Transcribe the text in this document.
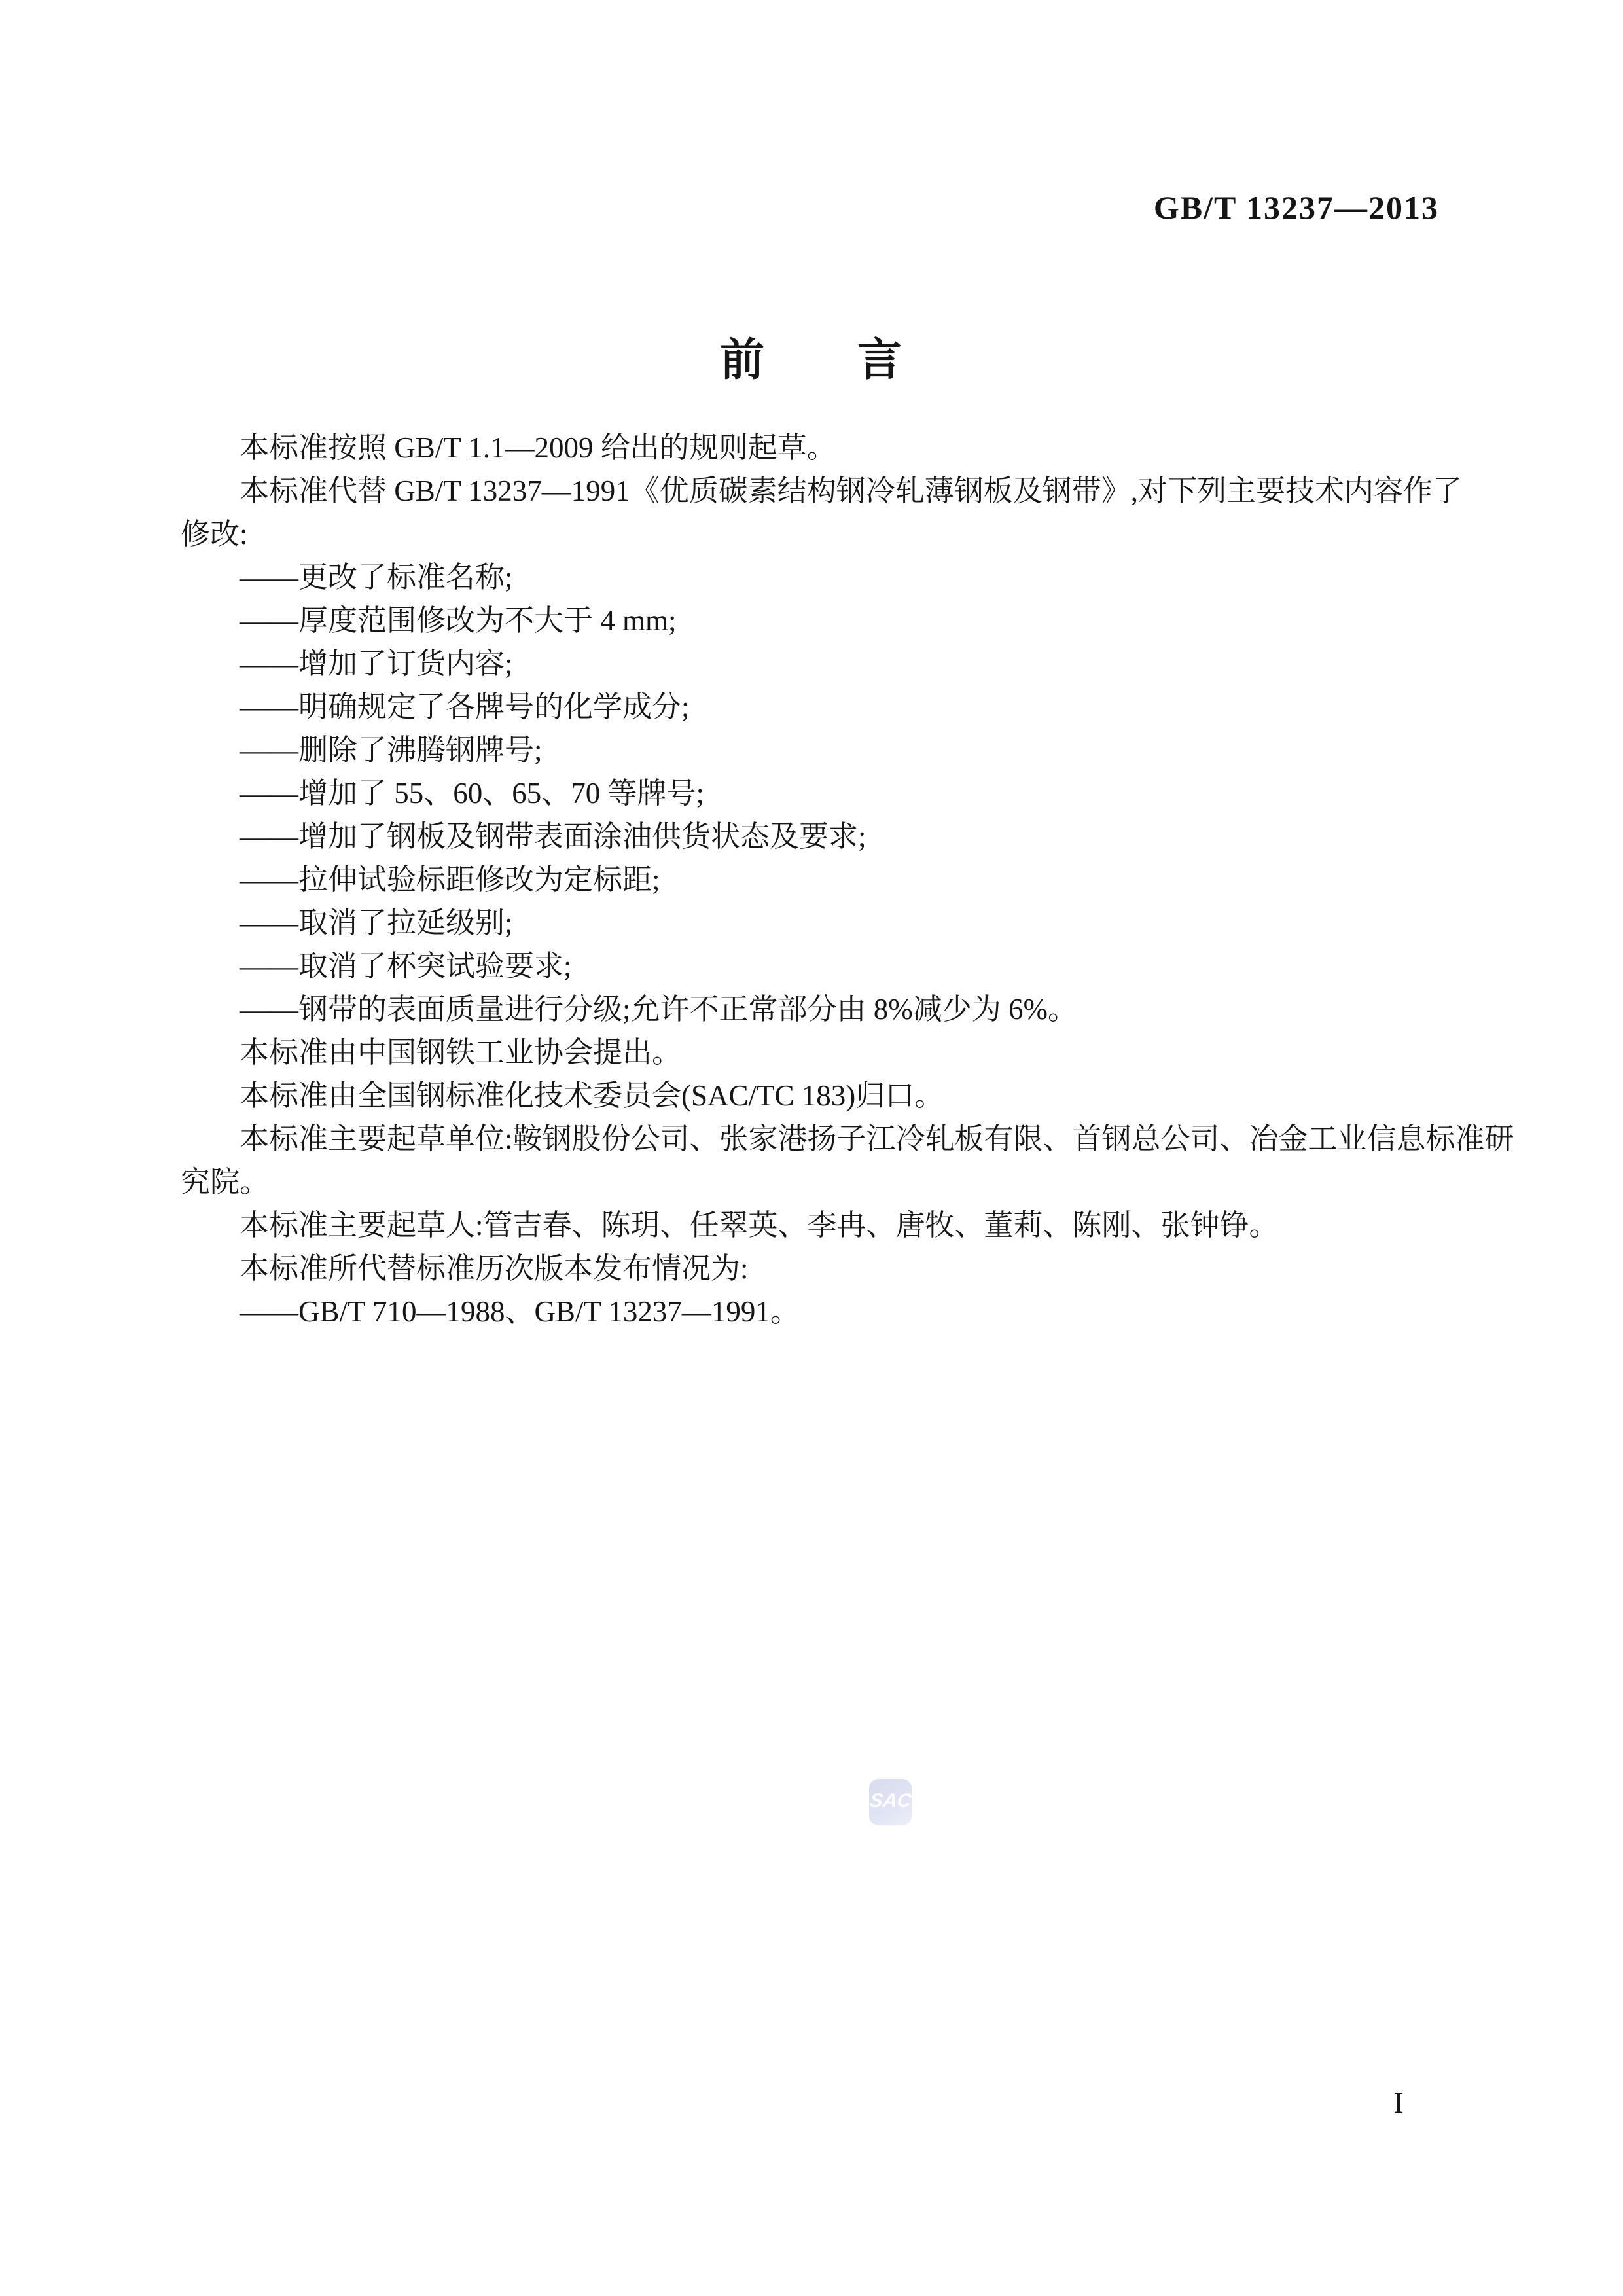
GB/T 13237—2013
前　　言
本标准按照 GB/T 1.1—2009 给出的规则起草。
本标准代替 GB/T 13237—1991《优质碳素结构钢冷轧薄钢板及钢带》,对下列主要技术内容作了
修改:
——更改了标准名称;
——厚度范围修改为不大于 4 mm;
——增加了订货内容;
——明确规定了各牌号的化学成分;
——删除了沸腾钢牌号;
——增加了 55、60、65、70 等牌号;
——增加了钢板及钢带表面涂油供货状态及要求;
——拉伸试验标距修改为定标距;
——取消了拉延级别;
——取消了杯突试验要求;
——钢带的表面质量进行分级;允许不正常部分由 8%减少为 6%。
本标准由中国钢铁工业协会提出。
本标准由全国钢标准化技术委员会(SAC/TC 183)归口。
本标准主要起草单位:鞍钢股份公司、张家港扬子江冷轧板有限、首钢总公司、冶金工业信息标准研
究院。
本标准主要起草人:管吉春、陈玥、任翠英、李冉、唐牧、董莉、陈刚、张钟铮。
本标准所代替标准历次版本发布情况为:
——GB/T 710—1988、GB/T 13237—1991。
SAC
I
